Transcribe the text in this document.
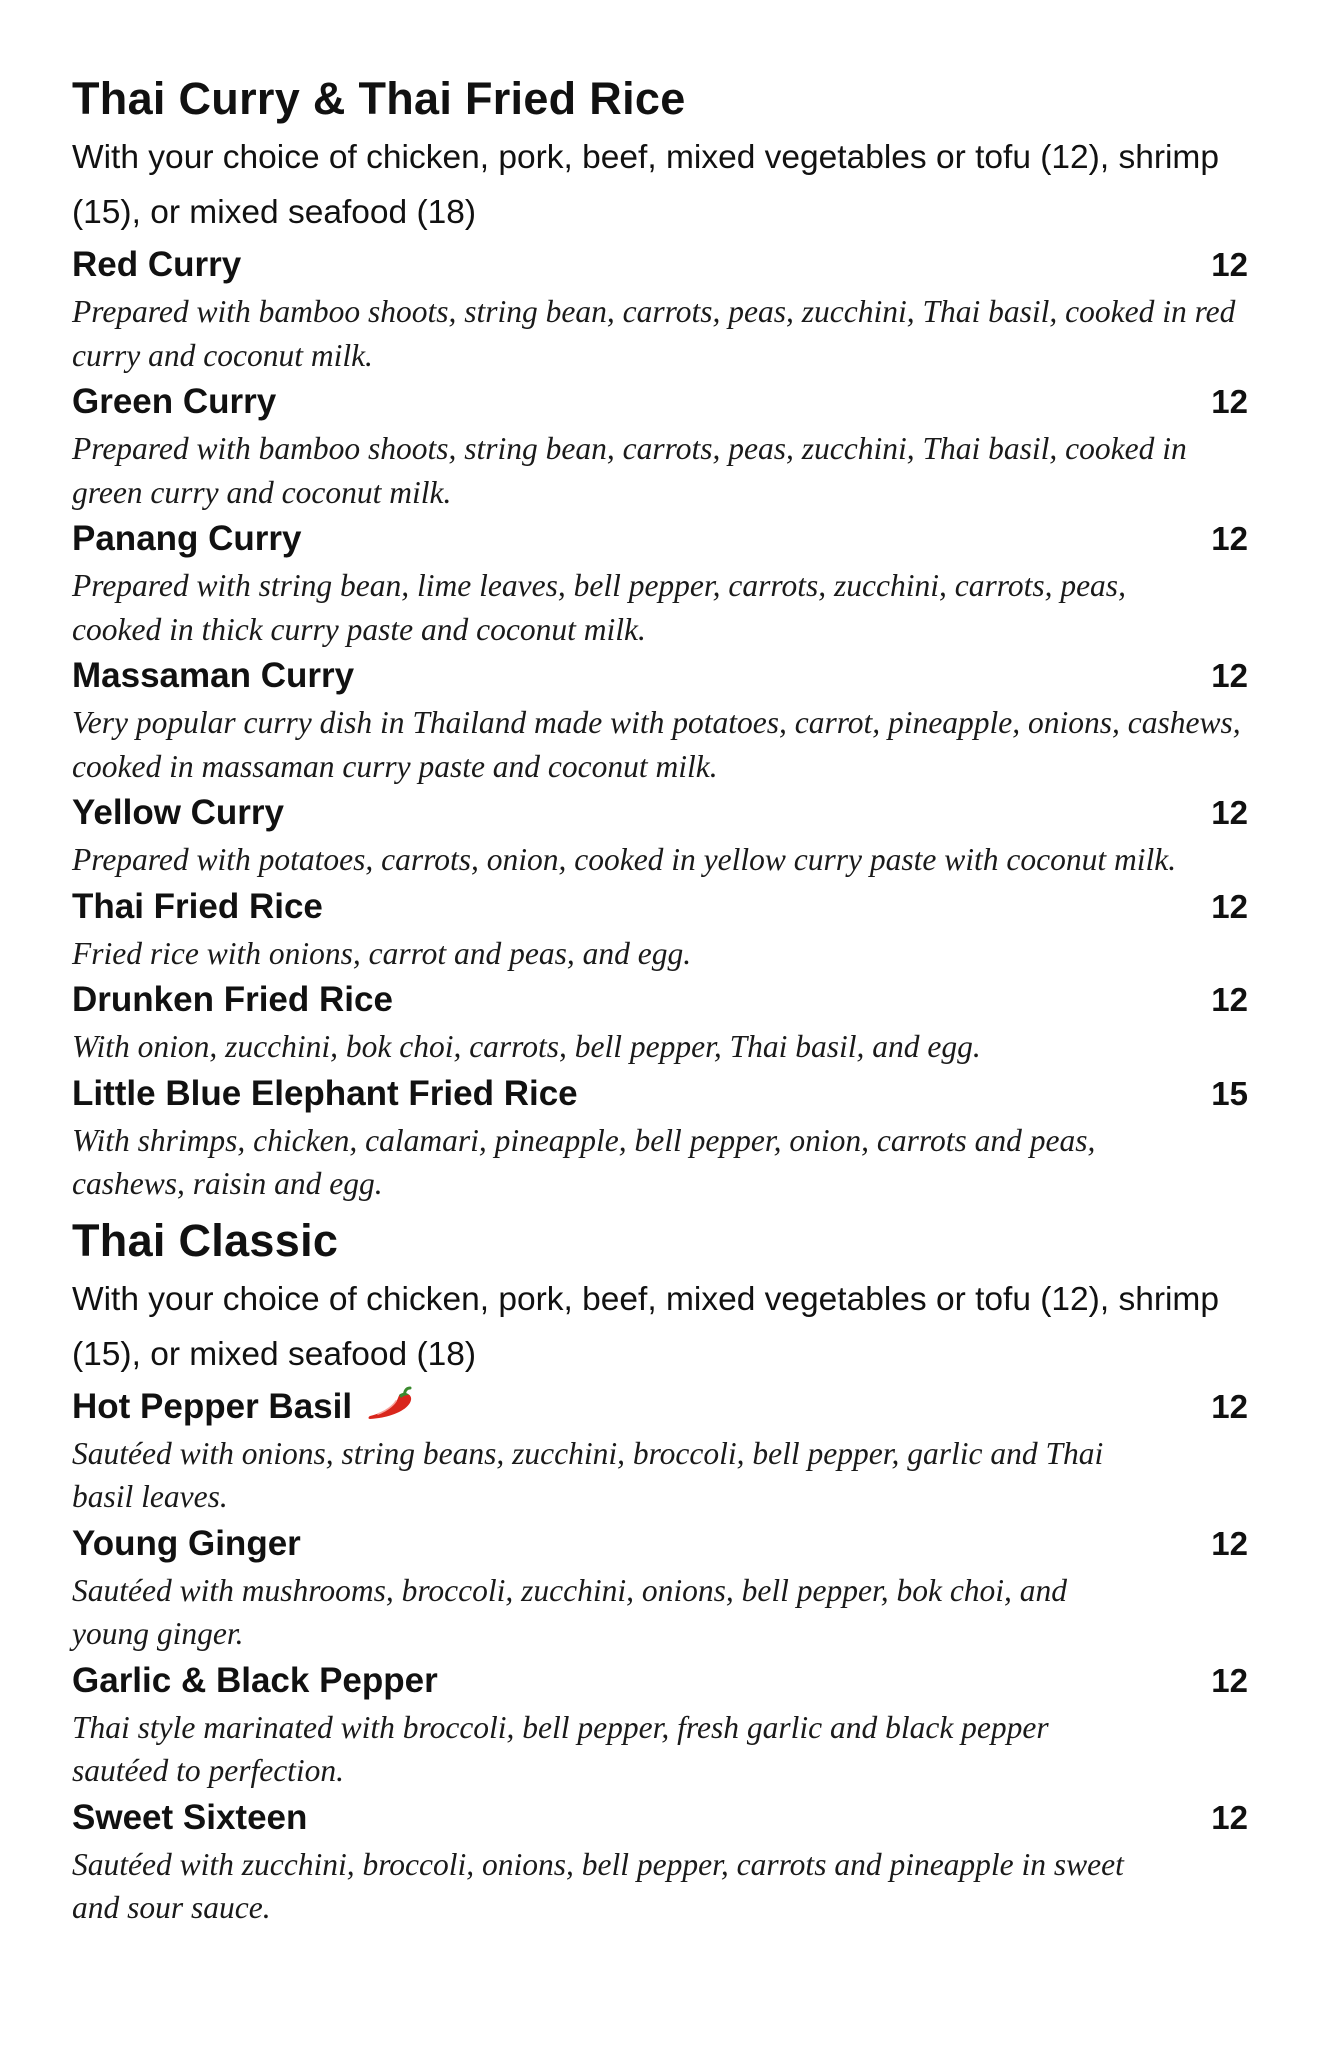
Thai Curry & Thai Fried Rice
With your choice of chicken, pork, beef, mixed vegetables or tofu (12), shrimp (15), or mixed seafood (18)
Red Curry	12
Prepared with bamboo shoots, string bean, carrots, peas, zucchini, Thai basil, cooked in red curry and coconut milk.
Green Curry	12
Prepared with bamboo shoots, string bean, carrots, peas, zucchini, Thai basil, cooked in green curry and coconut milk.
Panang Curry	12
Prepared with string bean, lime leaves, bell pepper, carrots, zucchini, carrots, peas, cooked in thick curry paste and coconut milk.
Massaman Curry	12
Very popular curry dish in Thailand made with potatoes, carrot, pineapple, onions, cashews, cooked in massaman curry paste and coconut milk.
Yellow Curry	12
Prepared with potatoes, carrots, onion, cooked in yellow curry paste with coconut milk.
Thai Fried Rice	12
Fried rice with onions, carrot and peas, and egg.
Drunken Fried Rice	12
With onion, zucchini, bok choi, carrots, bell pepper, Thai basil, and egg.
Little Blue Elephant Fried Rice	15
With shrimps, chicken, calamari, pineapple, bell pepper, onion, carrots and peas, cashews, raisin and egg.
Thai Classic
With your choice of chicken, pork, beef, mixed vegetables or tofu (12), shrimp (15), or mixed seafood (18)
Hot Pepper Basil	12
Sautéed with onions, string beans, zucchini, broccoli, bell pepper, garlic and Thai basil leaves.
Young Ginger	12
Sautéed with mushrooms, broccoli, zucchini, onions, bell pepper, bok choi, and young ginger.
Garlic & Black Pepper	12
Thai style marinated with broccoli, bell pepper, fresh garlic and black pepper sautéed to perfection.
Sweet Sixteen	12
Sautéed with zucchini, broccoli, onions, bell pepper, carrots and pineapple in sweet and sour sauce.
